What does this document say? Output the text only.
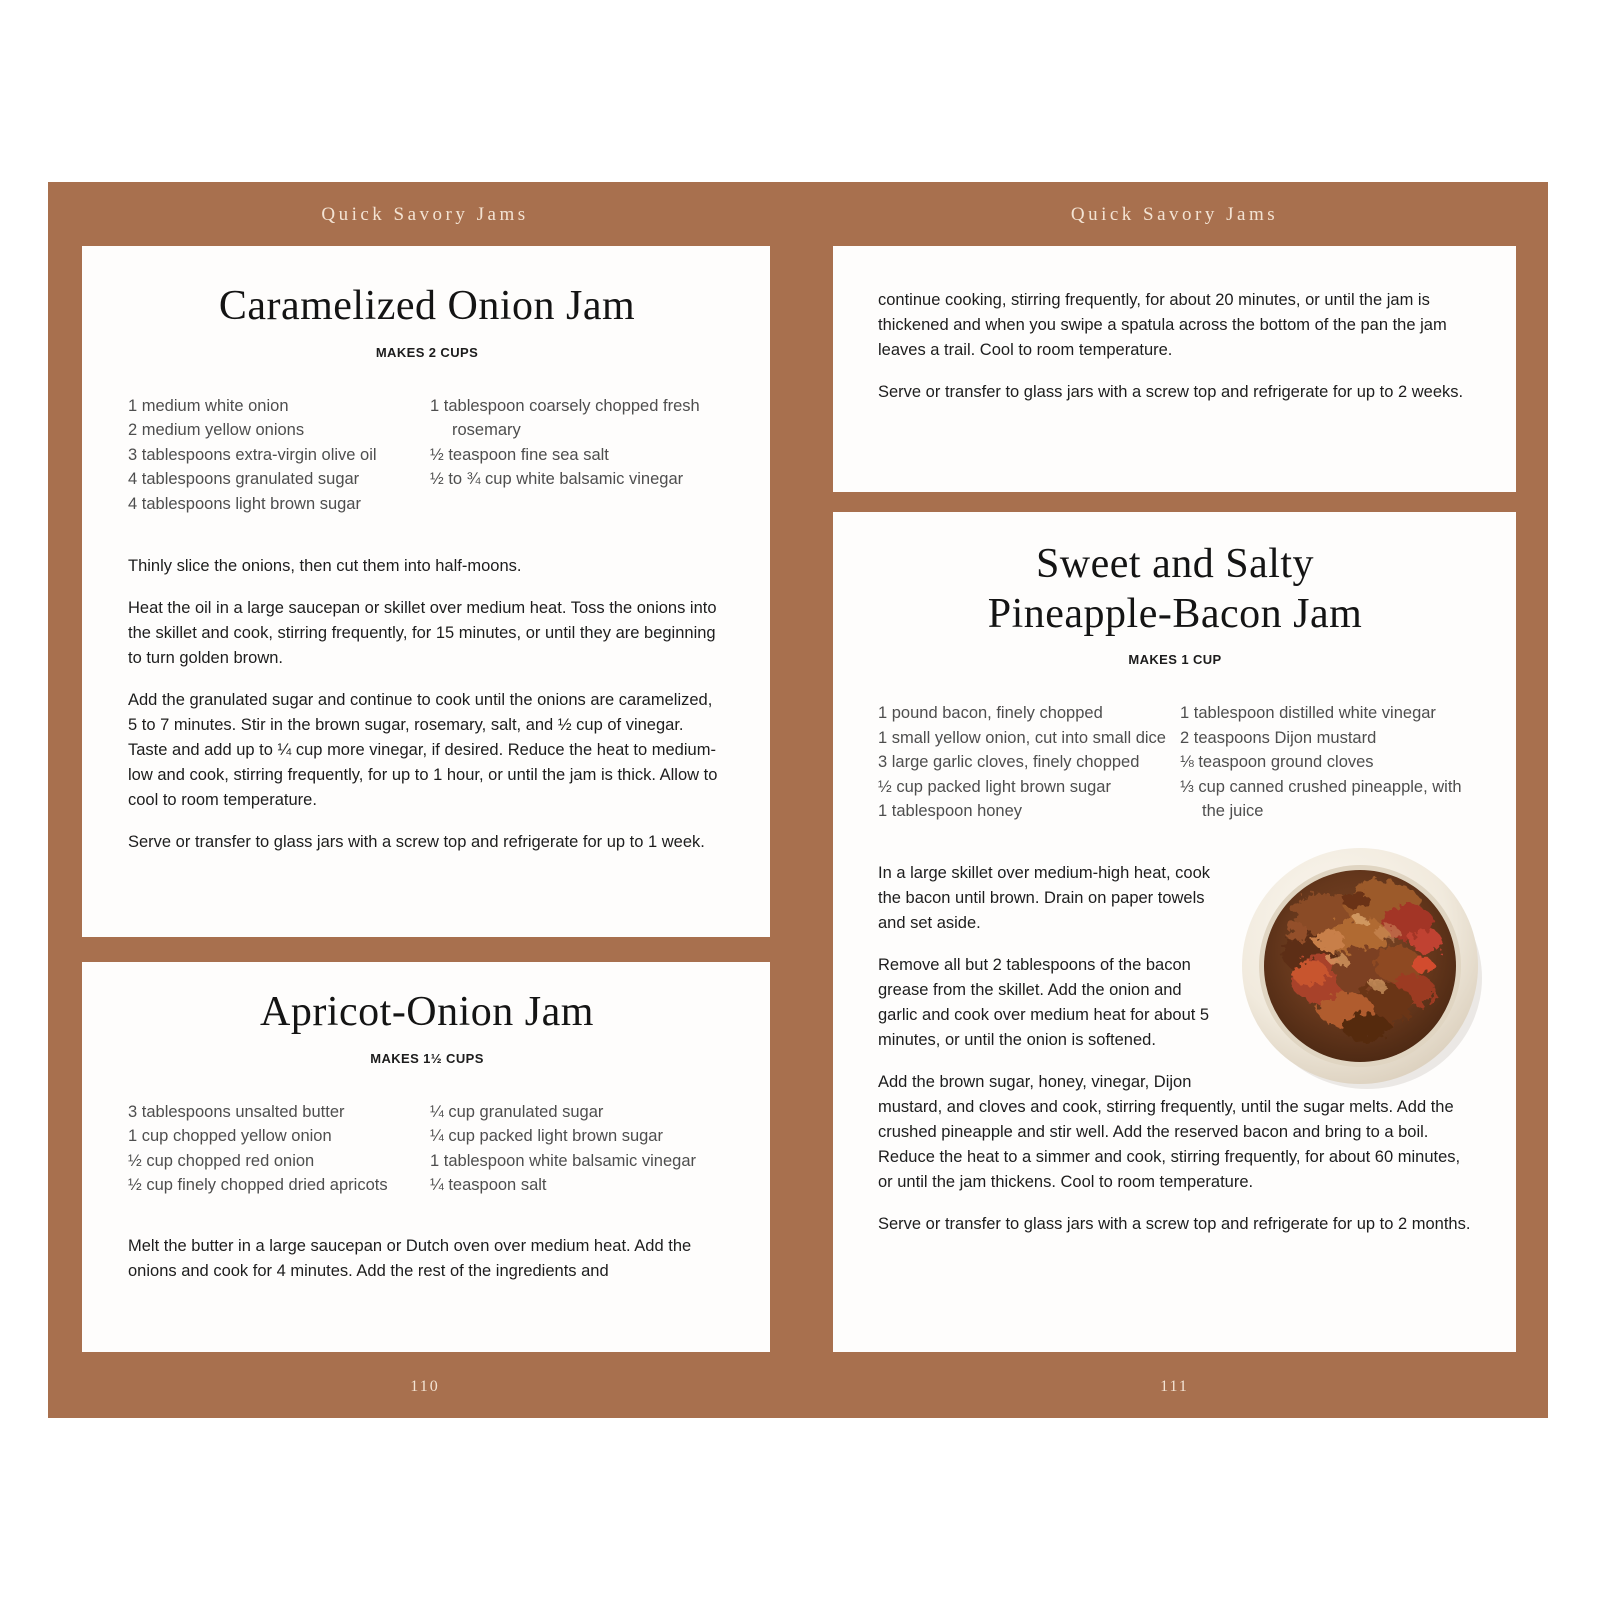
Quick Savory Jams	Quick Savory Jams
Caramelized Onion Jam
MAKES 2 CUPS

1 medium white onion

2 medium yellow onions

3 tablespoons extra-virgin olive oil

4 tablespoons granulated sugar

4 tablespoons light brown sugar

1 tablespoon coarsely chopped fresh rosemary

½ teaspoon fine sea salt

½ to ¾ cup white balsamic vinegar

Thinly slice the onions, then cut them into half-moons.

Heat the oil in a large saucepan or skillet over medium heat. Toss the onions into the skillet and cook, stirring frequently, for 15 minutes, or until they are beginning to turn golden brown.

Add the granulated sugar and continue to cook until the onions are caramelized, 5 to 7 minutes. Stir in the brown sugar, rosemary, salt, and ½ cup of vinegar. Taste and add up to ¼ cup more vinegar, if desired. Reduce the heat to medium-low and cook, stirring frequently, for up to 1 hour, or until the jam is thick. Allow to cool to room temperature.

Serve or transfer to glass jars with a screw top and refrigerate for up to 1 week.

Apricot-Onion Jam
MAKES 1½ CUPS

3 tablespoons unsalted butter

1 cup chopped yellow onion

½ cup chopped red onion

½ cup finely chopped dried apricots

¼ cup granulated sugar

¼ cup packed light brown sugar

1 tablespoon white balsamic vinegar

¼ teaspoon salt

Melt the butter in a large saucepan or Dutch oven over medium heat. Add the onions and cook for 4 minutes. Add the rest of the ingredients and

continue cooking, stirring frequently, for about 20 minutes, or until the jam is thickened and when you swipe a spatula across the bottom of the pan the jam leaves a trail. Cool to room temperature.

Serve or transfer to glass jars with a screw top and refrigerate for up to 2 weeks.

Sweet and Salty
Pineapple-Bacon Jam
MAKES 1 CUP

1 pound bacon, finely chopped

1 small yellow onion, cut into small dice

3 large garlic cloves, finely chopped

½ cup packed light brown sugar

1 tablespoon honey

1 tablespoon distilled white vinegar

2 teaspoons Dijon mustard

⅛ teaspoon ground cloves

⅓ cup canned crushed pineapple, with the juice

In a large skillet over medium-high heat, cook the bacon until brown. Drain on paper towels and set aside.

Remove all but 2 tablespoons of the bacon grease from the skillet. Add the onion and garlic and cook over medium heat for about 5 minutes, or until the onion is softened.

Add the brown sugar, honey, vinegar, Dijon mustard, and cloves and cook, stirring frequently, until the sugar melts. Add the crushed pineapple and stir well. Add the reserved bacon and bring to a boil. Reduce the heat to a simmer and cook, stirring frequently, for about 60 minutes, or until the jam thickens. Cool to room temperature.

Serve or transfer to glass jars with a screw top and refrigerate for up to 2 months.

110	111
